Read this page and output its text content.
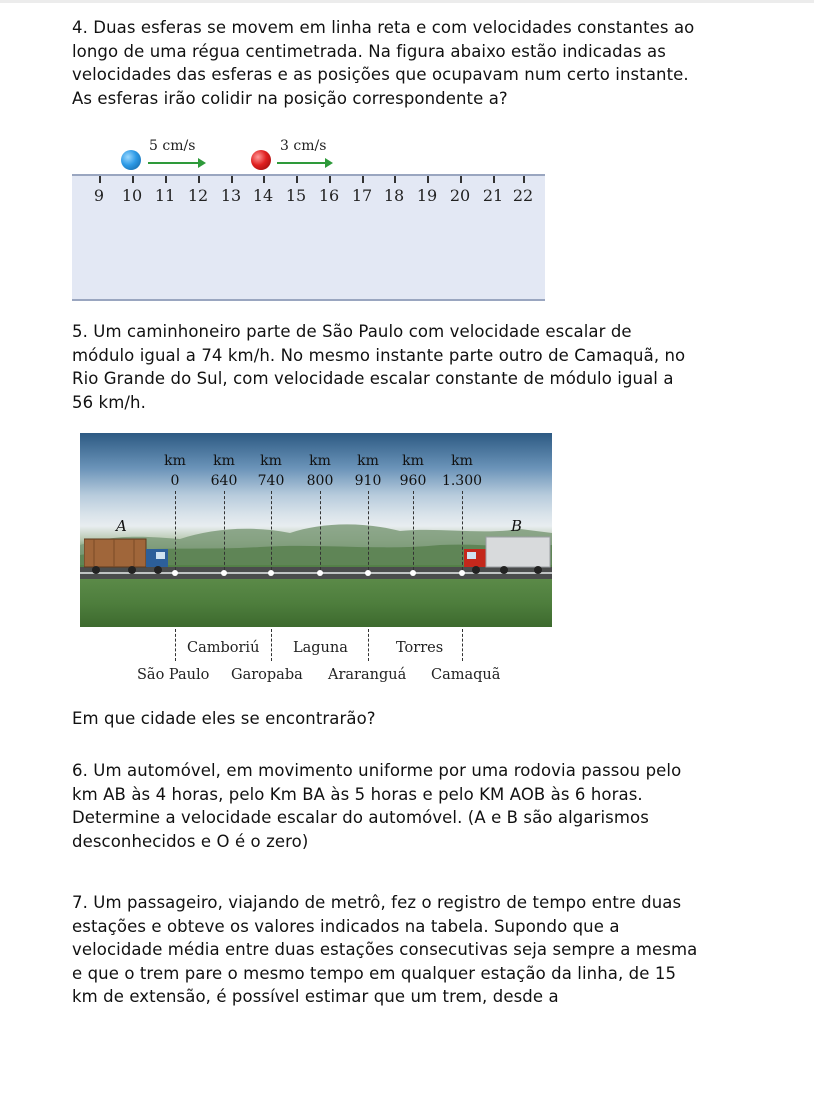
4. Duas esferas se movem em linha reta e com velocidades constantes ao
longo de uma régua centimetrada. Na figura abaixo estão indicadas as
velocidades das esferas e as posições que ocupavam num certo instante.
As esferas irão colidir na posição correspondente a?

5 cm/s	3 cm/s
9	10 11 12 13 14 15 16 17 18 19 20 21 22

5. Um caminhoneiro parte de São Paulo com velocidade escalar de
módulo igual a 74 km/h. No mesmo instante parte outro de Camaquã, no
Rio Grande do Sul, com velocidade escalar constante de módulo igual a
56 km/h.

km
0
km
640
km
740
km
800
km
910
km
960
km
1.300
A	B
Camboriú Laguna	Torres
São Paulo Garopaba Araranguá Camaquã

Em que cidade eles se encontrarão?

6. Um automóvel, em movimento uniforme por uma rodovia passou pelo
km AB às 4 horas, pelo Km BA às 5 horas e pelo KM AOB às 6 horas.
Determine a velocidade escalar do automóvel. (A e B são algarismos
desconhecidos e O é o zero)

7. Um passageiro, viajando de metrô, fez o registro de tempo entre duas
estações e obteve os valores indicados na tabela. Supondo que a
velocidade média entre duas estações consecutivas seja sempre a mesma
e que o trem pare o mesmo tempo em qualquer estação da linha, de 15
km de extensão, é possível estimar que um trem, desde a
